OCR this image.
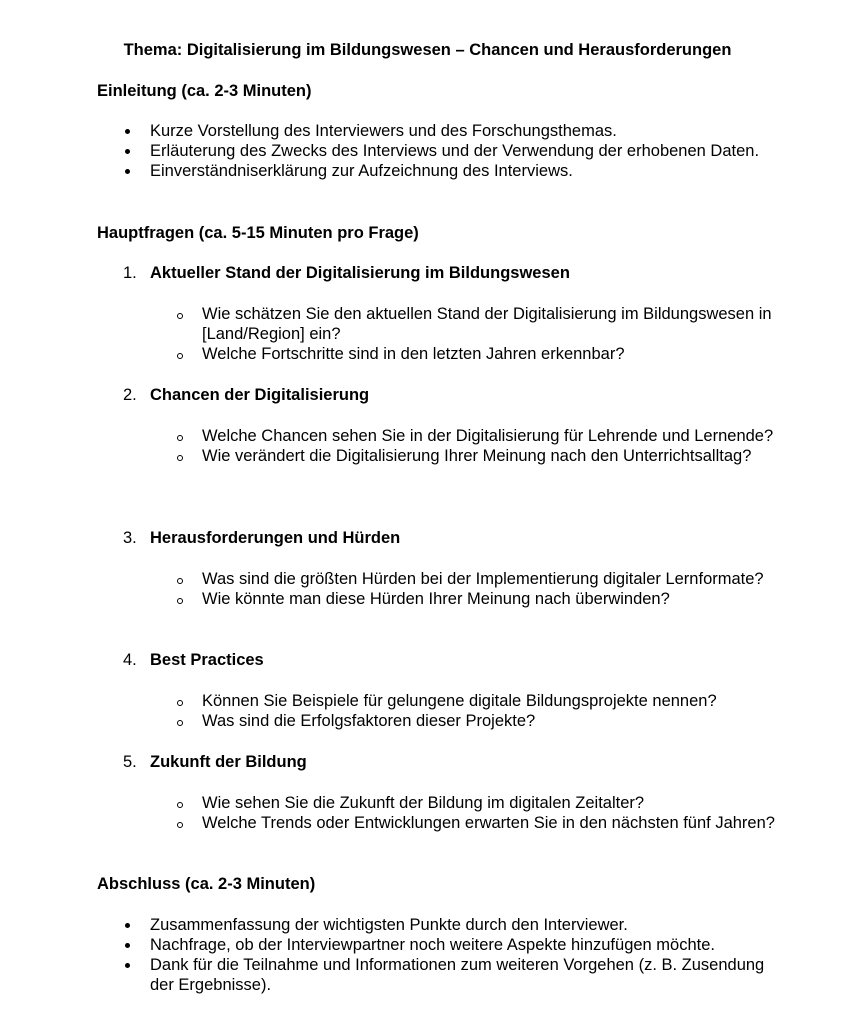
Thema: Digitalisierung im Bildungswesen – Chancen und Herausforderungen
Einleitung (ca. 2-3 Minuten)
Kurze Vorstellung des Interviewers und des Forschungsthemas.
Erläuterung des Zwecks des Interviews und der Verwendung der erhobenen Daten.
Einverständniserklärung zur Aufzeichnung des Interviews.
Hauptfragen (ca. 5-15 Minuten pro Frage)
1. Aktueller Stand der Digitalisierung im Bildungswesen
Wie schätzen Sie den aktuellen Stand der Digitalisierung im Bildungswesen in [Land/Region] ein?
Welche Fortschritte sind in den letzten Jahren erkennbar?
2. Chancen der Digitalisierung
Welche Chancen sehen Sie in der Digitalisierung für Lehrende und Lernende?
Wie verändert die Digitalisierung Ihrer Meinung nach den Unterrichtsalltag?
3. Herausforderungen und Hürden
Was sind die größten Hürden bei der Implementierung digitaler Lernformate?
Wie könnte man diese Hürden Ihrer Meinung nach überwinden?
4. Best Practices
Können Sie Beispiele für gelungene digitale Bildungsprojekte nennen?
Was sind die Erfolgsfaktoren dieser Projekte?
5. Zukunft der Bildung
Wie sehen Sie die Zukunft der Bildung im digitalen Zeitalter?
Welche Trends oder Entwicklungen erwarten Sie in den nächsten fünf Jahren?
Abschluss (ca. 2-3 Minuten)
Zusammenfassung der wichtigsten Punkte durch den Interviewer.
Nachfrage, ob der Interviewpartner noch weitere Aspekte hinzufügen möchte.
Dank für die Teilnahme und Informationen zum weiteren Vorgehen (z. B. Zusendung der Ergebnisse).
